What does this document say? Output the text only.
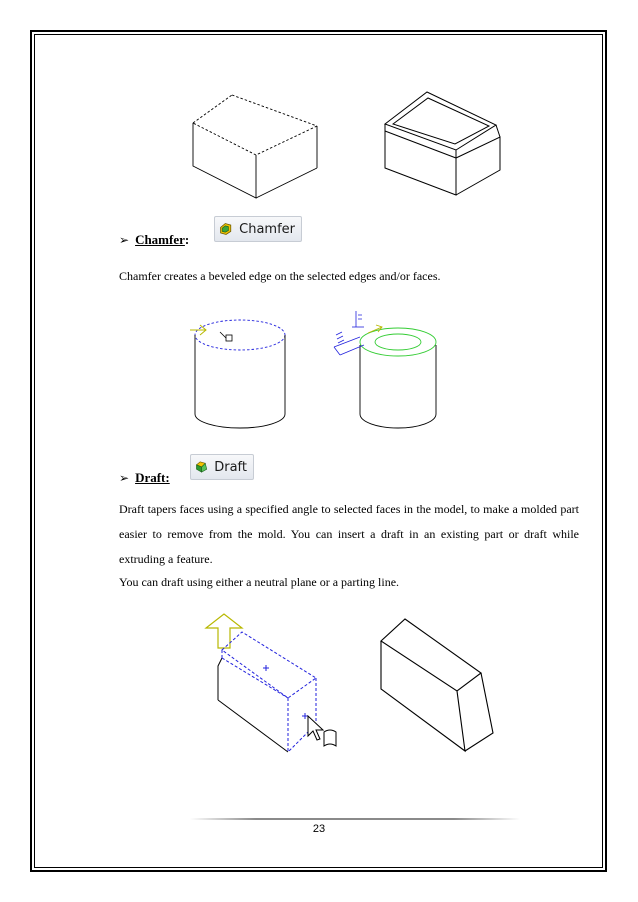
➢ Chamfer :
Chamfer
Chamfer creates a beveled edge on the selected edges and/or faces.
➢ Draft:
Draft
Draft tapers faces using a specified angle to selected faces in the model, to make a molded part easier to remove from the mold. You can insert a draft in an existing part or draft while extruding a feature.
You can draft using either a neutral plane or a parting line.
23
